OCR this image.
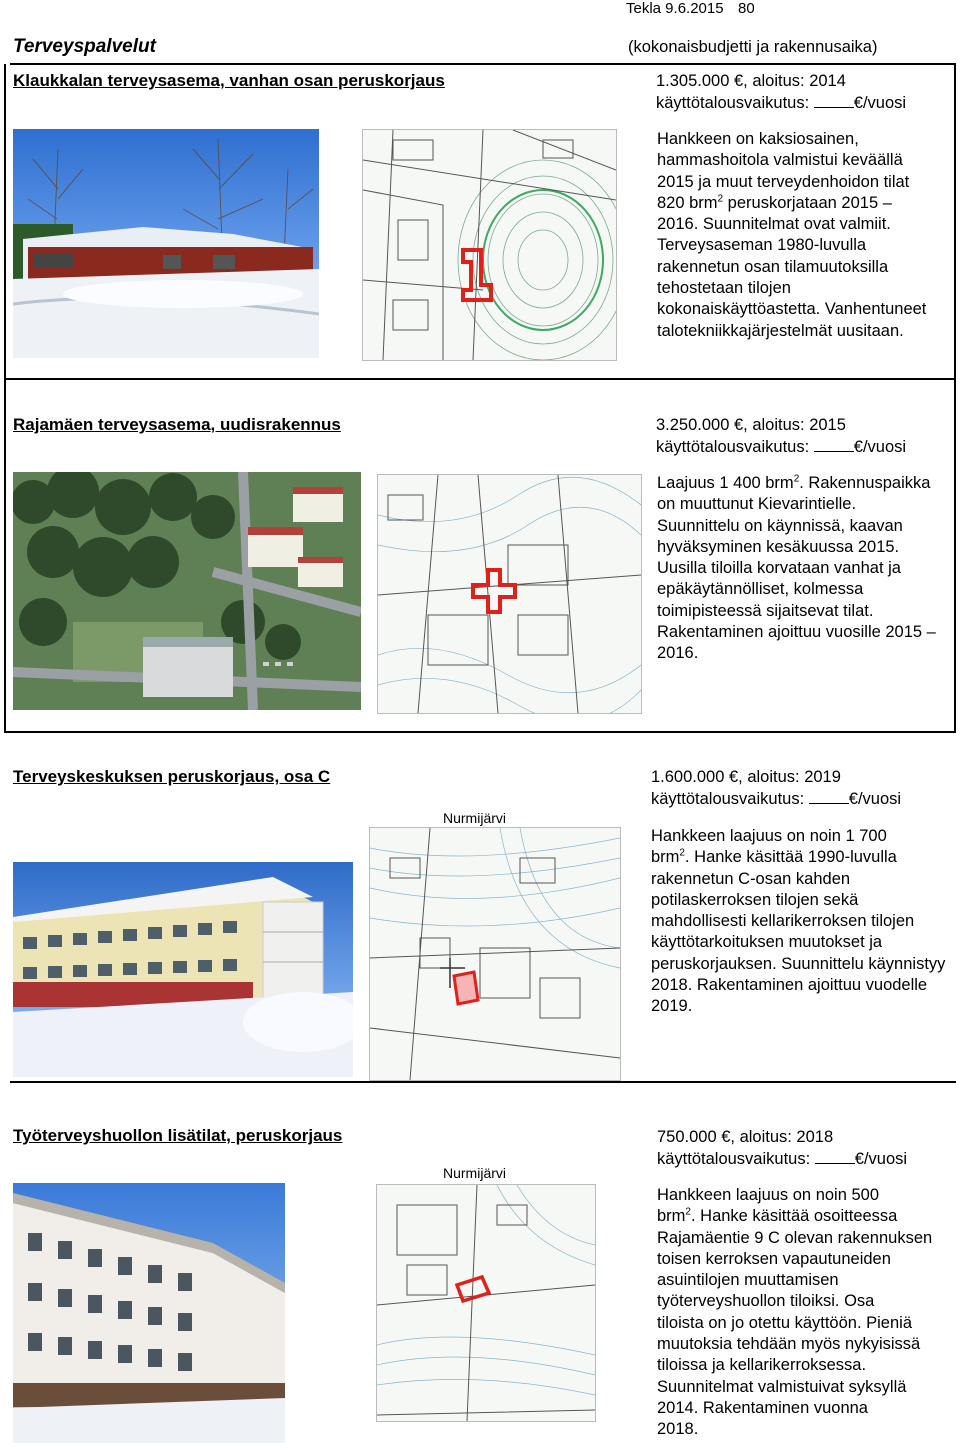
Tekla 9.6.2015 80
Terveyspalvelut	(kokonaisbudjetti ja rakennusaika)
Klaukkalan terveysasema, vanhan osan peruskorjaus	1.305.000 €, aloitus: 2014
käyttötalousvaikutus:	€/vuosi
Hankkeen on kaksiosainen, hammashoitola valmistui keväällä
2015 ja muut terveydenhoidon tilat
820 brm$^2$ peruskorjataan 2015 –
2016. Suunnitelmat ovat valmiit.
Terveysaseman 1980-luvulla rakennetun osan tilamuutoksilla
tehostetaan tilojen kokonaiskäyttöastetta. Vanhentuneet talotekniikkajärjestelmät uusitaan.
Rajamäen terveysasema, uudisrakennus	3.250.000 €, aloitus: 2015
käyttötalousvaikutus:	€/vuosi
Laajuus 1 400 brm$^2$. Rakennuspaikka on muuttunut Kievarintielle.
Suunnittelu on käynnissä, kaavan
hyväksyminen kesäkuussa 2015.
Uusilla tiloilla korvataan vanhat ja
epäkäytännölliset, kolmessa toimipisteessä sijaitsevat tilat. Rakentaminen ajoittuu vuosille 2015 –
2016.
Terveyskeskuksen peruskorjaus, osa C	1.600.000 €, aloitus: 2019
käyttötalousvaikutus:	€/vuosi
Nurmijärvi
Hankkeen laajuus on noin 1 700
brm$^2$. Hanke käsittää 1990-luvulla
rakennetun C-osan kahden potilaskerroksen tilojen sekä mahdollisesti kellarikerroksen tilojen käyttötarkoituksen muutokset ja peruskorjauksen. Suunnittelu käynnistyy
2018. Rakentaminen ajoittuu vuodelle 2019.
Työterveyshuollon lisätilat, peruskorjaus	750.000 €, aloitus: 2018
käyttötalousvaikutus:	€/vuosi
Nurmijärvi
Hankkeen laajuus on noin 500
brm$^2$. Hanke käsittää osoitteessa
Rajamäentie 9 C olevan rakennuksen toisen kerroksen vapautuneiden asuintilojen muuttamisen
työterveyshuollon tiloiksi. Osa
tiloista on jo otettu käyttöön. Pieniä
muutoksia tehdään myös nykyisissä tiloissa ja kellarikerroksessa.
Suunnitelmat valmistuivat syksyllä
2014. Rakentaminen vuonna
2018.
